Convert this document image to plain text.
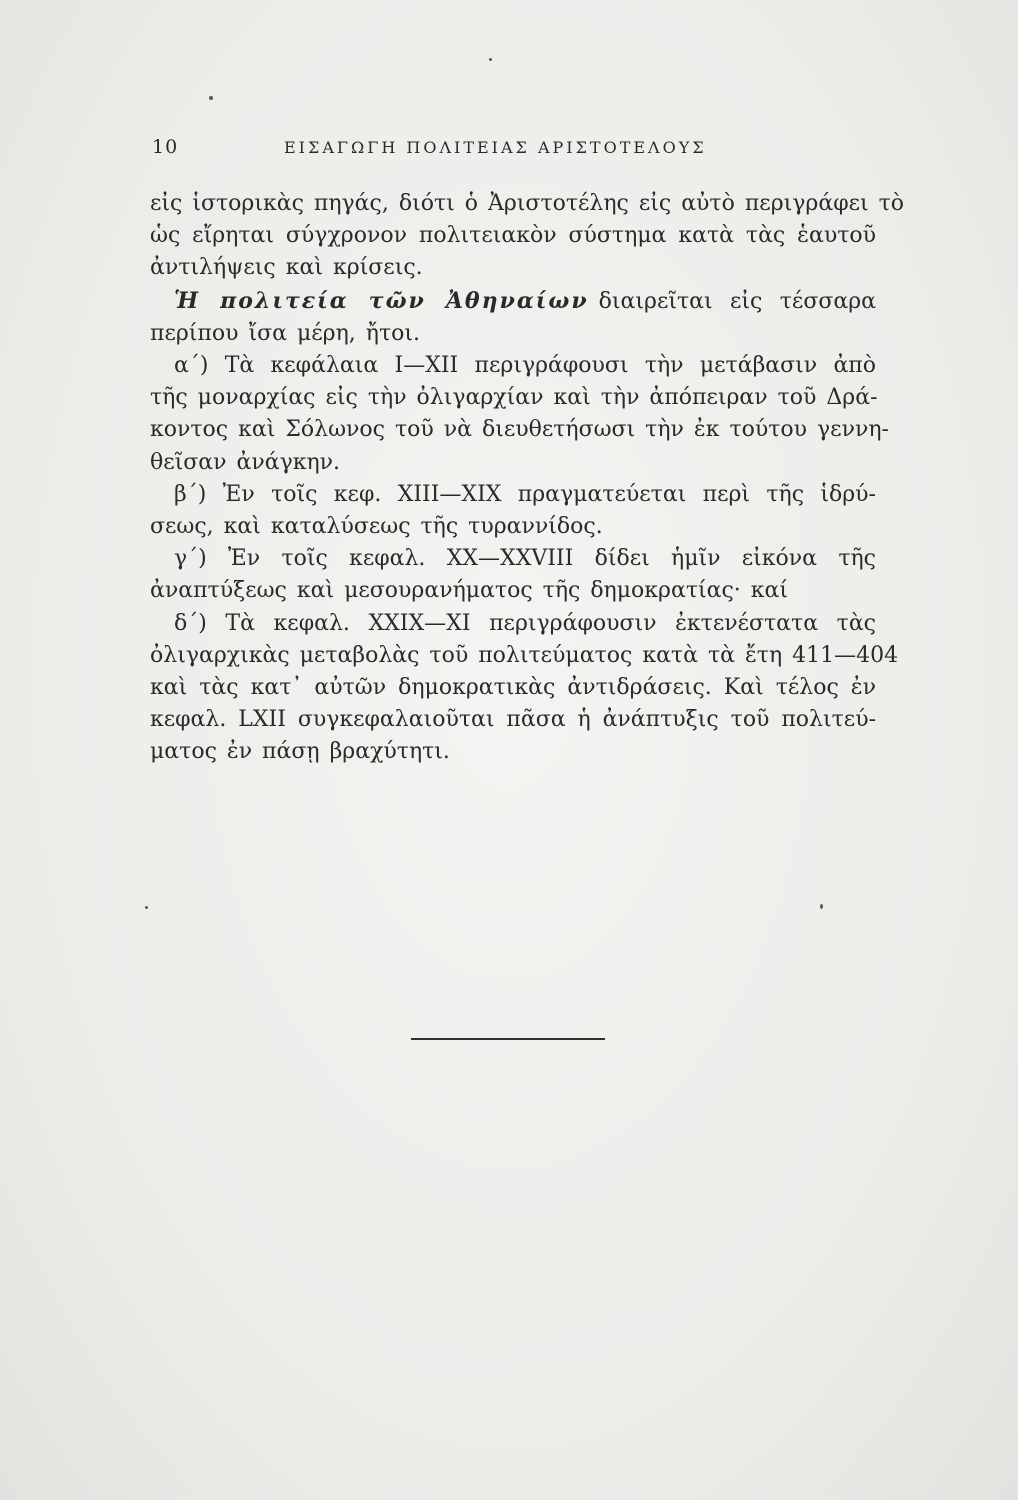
10	ΕΙΣΑΓΩΓΗ ΠΟΛΙΤΕΙΑΣ ΑΡΙΣΤΟΤΕΛΟΥΣ
εἰς ἱστορικὰς πηγάς, διότι ὁ Ἀριστοτέλης εἰς αὐτὸ περιγράφει τὸ
ὡς εἴρηται σύγχρονον πολιτειακὸν σύστημα κατὰ τὰς ἑαυτοῦ
ἀντιλήψεις καὶ κρίσεις.
Ἡ πολιτεία τῶν Ἀθηναίων διαιρεῖται εἰς τέσσαρα
περίπου ἴσα μέρη, ἤτοι.
α΄) Τὰ κεφάλαια I—XII περιγράφουσι τὴν μετάβασιν ἀπὸ
τῆς μοναρχίας εἰς τὴν ὀλιγαρχίαν καὶ τὴν ἀπόπειραν τοῦ Δρά-
κοντος καὶ Σόλωνος τοῦ νὰ διευθετήσωσι τὴν ἐκ τούτου γεννη-
θεῖσαν ἀνάγκην.
β΄) Ἐν τοῖς κεφ. XIII—XIX πραγματεύεται περὶ τῆς ἱδρύ-
σεως, καὶ καταλύσεως τῆς τυραννίδος.
γ΄) Ἐν τοῖς κεφαλ. XX—XXVIII δίδει ἡμῖν εἰκόνα τῆς
ἀναπτύξεως καὶ μεσουρανήματος τῆς δημοκρατίας· καί
δ΄) Τὰ κεφαλ. XXIX—XI περιγράφουσιν ἐκτενέστατα τὰς
ὀλιγαρχικὰς μεταβολὰς τοῦ πολιτεύματος κατὰ τὰ ἔτη 411—404
καὶ τὰς κατ᾽ αὐτῶν δημοκρατικὰς ἀντιδράσεις. Καὶ τέλος ἐν
κεφαλ. LXII συγκεφαλαιοῦται πᾶσα ἡ ἀνάπτυξις τοῦ πολιτεύ-
ματος ἐν πάσῃ βραχύτητι.
